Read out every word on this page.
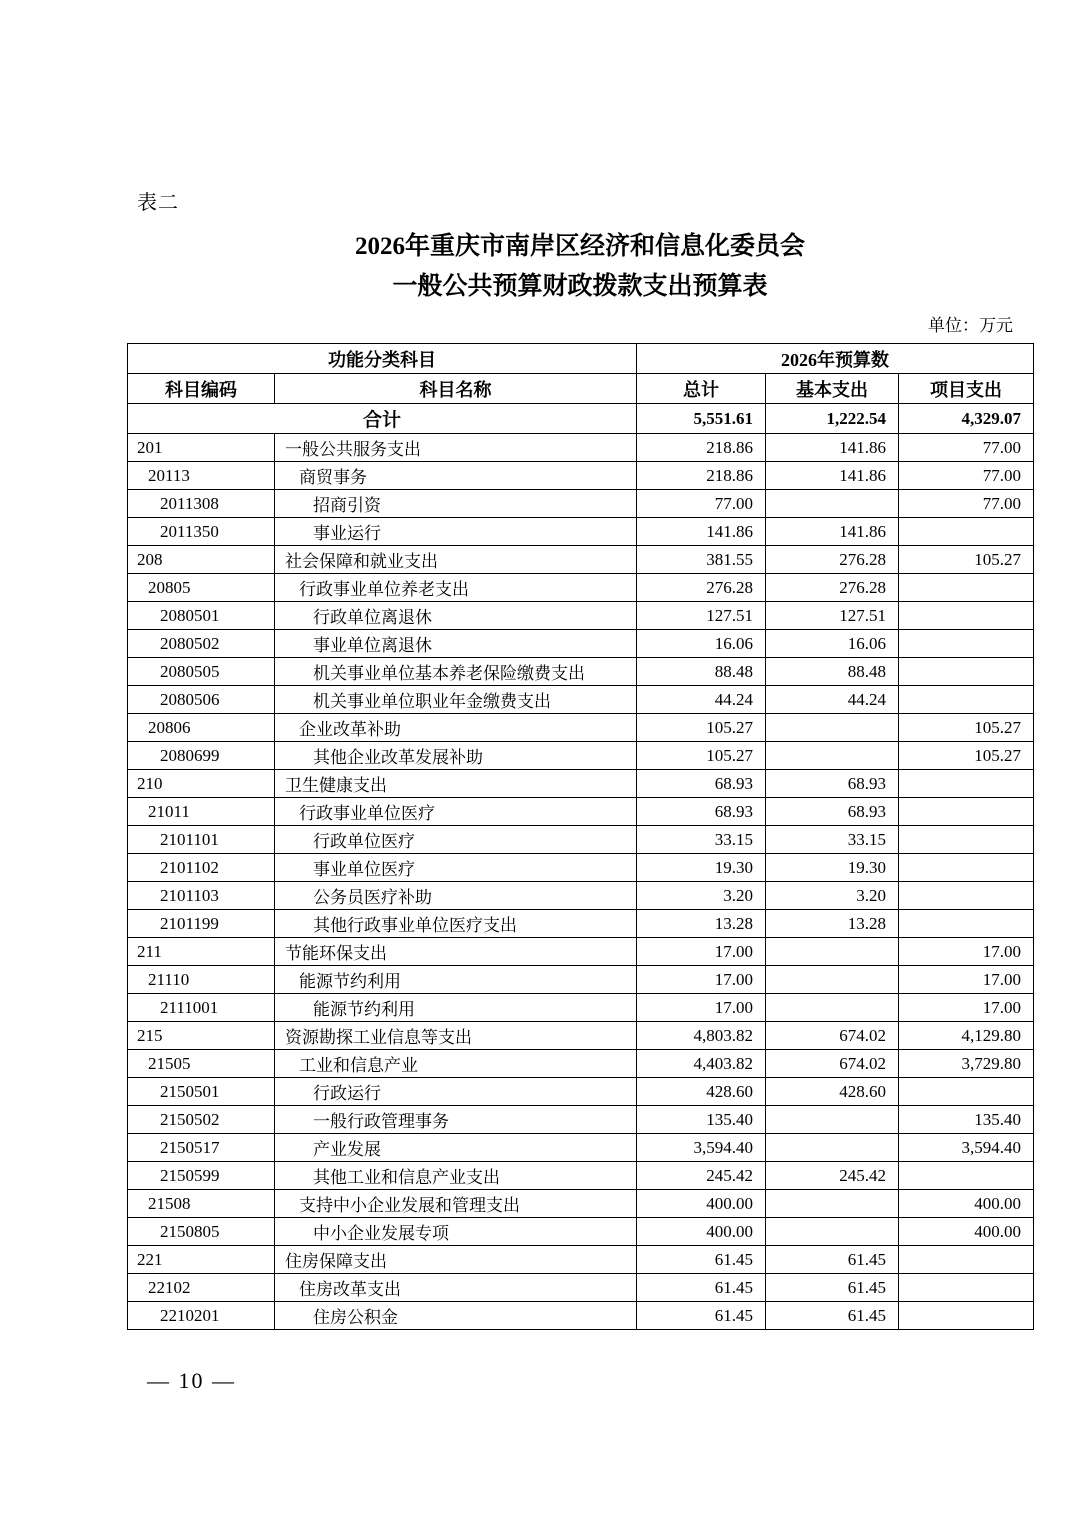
表二
2026年重庆市南岸区经济和信息化委员会
一般公共预算财政拨款支出预算表
单位：万元
功能分类科目		2026年预算数		
科目编码	科目名称	总计	基本支出	项目支出
合计		5,551.61	1,222.54	4,329.07
201	一般公共服务支出	218.86	141.86	77.00
20113	商贸事务	218.86	141.86	77.00
2011308	招商引资	77.00		77.00
2011350	事业运行	141.86	141.86	
208	社会保障和就业支出	381.55	276.28	105.27
20805	行政事业单位养老支出	276.28	276.28	
2080501	行政单位离退休	127.51	127.51	
2080502	事业单位离退休	16.06	16.06	
2080505	机关事业单位基本养老保险缴费支出	88.48	88.48	
2080506	机关事业单位职业年金缴费支出	44.24	44.24	
20806	企业改革补助	105.27		105.27
2080699	其他企业改革发展补助	105.27		105.27
210	卫生健康支出	68.93	68.93	
21011	行政事业单位医疗	68.93	68.93	
2101101	行政单位医疗	33.15	33.15	
2101102	事业单位医疗	19.30	19.30	
2101103	公务员医疗补助	3.20	3.20	
2101199	其他行政事业单位医疗支出	13.28	13.28	
211	节能环保支出	17.00		17.00
21110	能源节约利用	17.00		17.00
2111001	能源节约利用	17.00		17.00
215	资源勘探工业信息等支出	4,803.82	674.02	4,129.80
21505	工业和信息产业	4,403.82	674.02	3,729.80
2150501	行政运行	428.60	428.60	
2150502	一般行政管理事务	135.40		135.40
2150517	产业发展	3,594.40		3,594.40
2150599	其他工业和信息产业支出	245.42	245.42	
21508	支持中小企业发展和管理支出	400.00		400.00
2150805	中小企业发展专项	400.00		400.00
221	住房保障支出	61.45	61.45	
22102	住房改革支出	61.45	61.45	
2210201	住房公积金	61.45	61.45	
— 10 —
